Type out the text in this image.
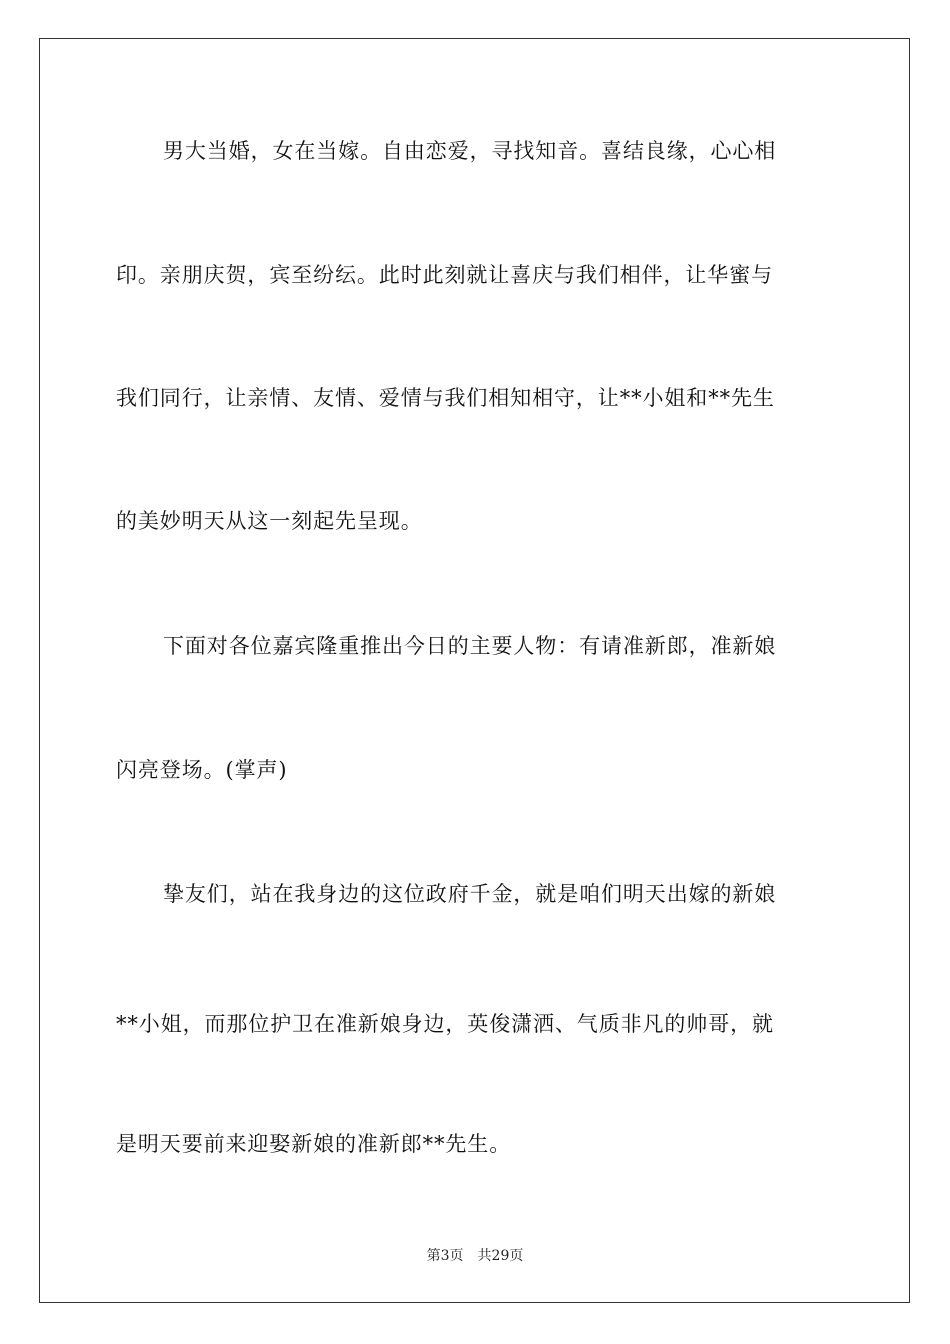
男大当婚，女在当嫁。自由恋爱，寻找知音。喜结良缘，心心相
印。亲朋庆贺，宾至纷纭。此时此刻就让喜庆与我们相伴，让华蜜与
我们同行，让亲情、友情、爱情与我们相知相守，让**小姐和**先生
的美妙明天从这一刻起先呈现。
下面对各位嘉宾隆重推出今日的主要人物：有请准新郎，准新娘
闪亮登场。(掌声)
挚友们，站在我身边的这位政府千金，就是咱们明天出嫁的新娘
**小姐，而那位护卫在准新娘身边，英俊潇洒、气质非凡的帅哥，就
是明天要前来迎娶新娘的准新郎**先生。
第3页 共29页
